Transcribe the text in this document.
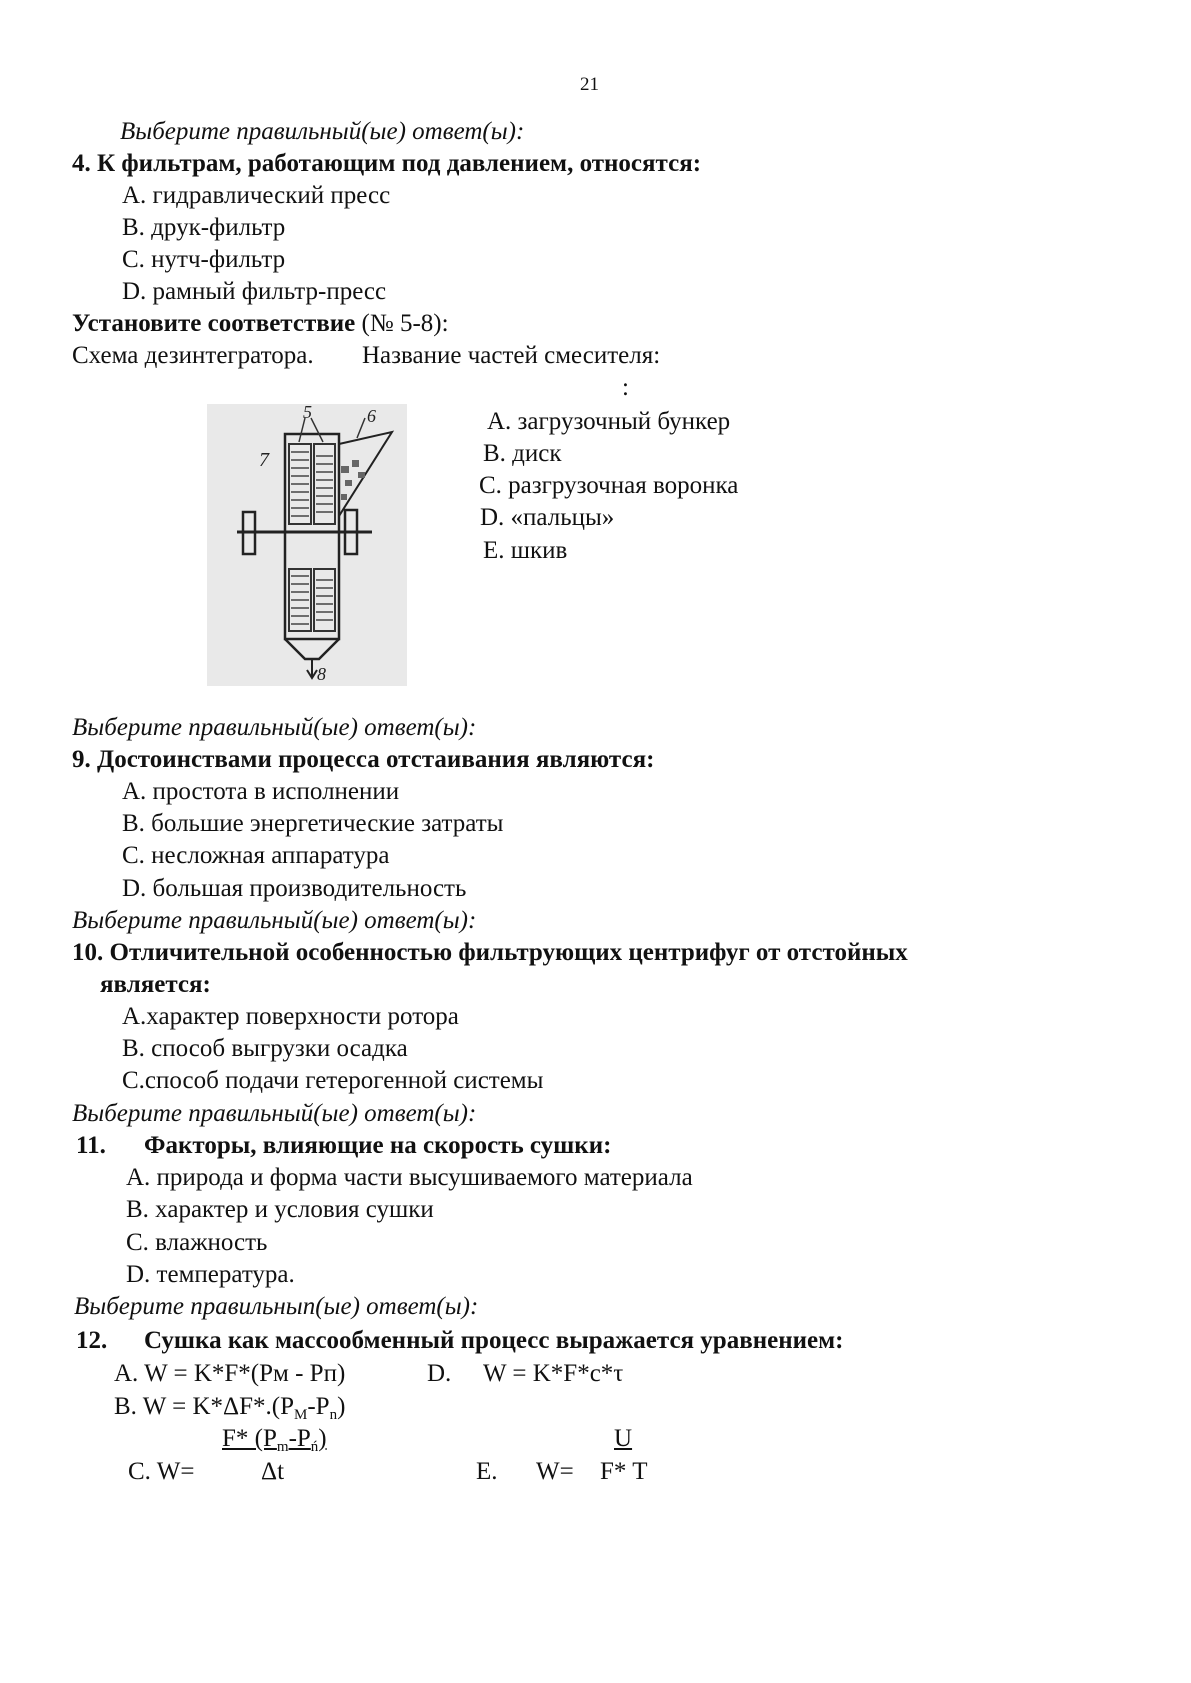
21
Выберите правильный(ые) ответ(ы):
4. К фильтрам, работающим под давлением, относятся:
A. гидравлический пресс
B. друк-фильтр
C. нутч-фильтр
D. рамный фильтр-пресс
Установите соответствие (№ 5-8):
Схема дезинтегратора. Название частей смесителя:
:
5	6
7
8
A. загрузочный бункер
B. диск
C. разгрузочная воронка
D. «пальцы»
E. шкив
Выберите правильный(ые) ответ(ы):
9. Достоинствами процесса отстаивания являются:
A. простота в исполнении
B. большие энергетические затраты
C. несложная аппаратура
D. большая производительность
Выберите правильный(ые) ответ(ы):
10. Отличительной особенностью фильтрующих центрифуг от отстойных
является:
A.характер поверхности ротора
B. способ выгрузки осадка
C.способ подачи гетерогенной системы
Выберите правильный(ые) ответ(ы):
11. Факторы, влияющие на скорость сушки:
A. природа и форма части высушиваемого материала
B. характер и условия сушки
C. влажность
D. температура.
Выберите правильнып(ые) ответ(ы):
12. Сушка как массообменный процесс выражается уравнением:
A. W = K*F*(Pм - Pп)	D. W = K*F*c*τ
B. $W = K*\Delta F*.(P_M-P_n)$
F* $(P_m-P_ń)$	U
C. W=	Δt	E. W= F* T
